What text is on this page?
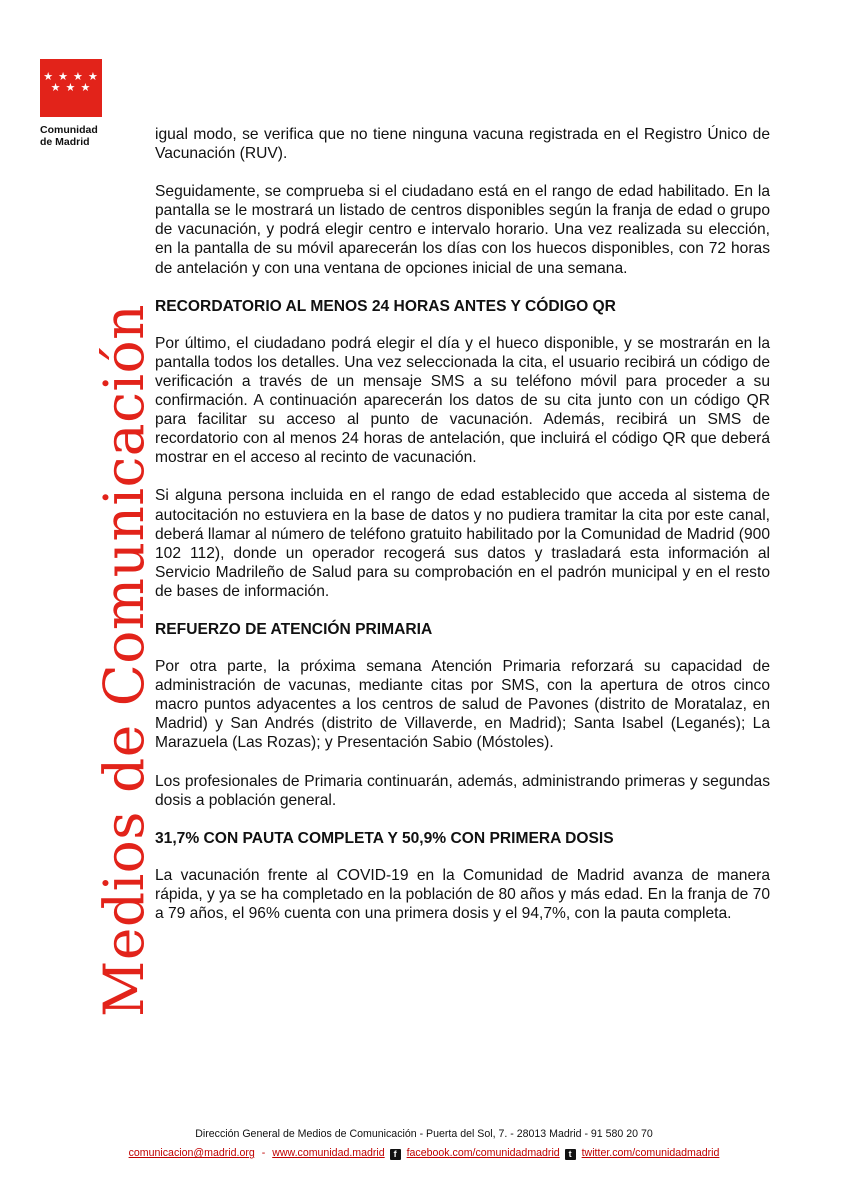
★ ★ ★ ★
★ ★ ★
Comunidad
de Madrid
Medios de Comunicación

igual modo, se verifica que no tiene ninguna vacuna registrada en el Registro Único de Vacunación (RUV).

Seguidamente, se comprueba si el ciudadano está en el rango de edad habilitado. En la pantalla se le mostrará un listado de centros disponibles según la franja de edad o grupo de vacunación, y podrá elegir centro e intervalo horario. Una vez realizada su elección, en la pantalla de su móvil aparecerán los días con los huecos disponibles, con 72 horas de antelación y con una ventana de opciones inicial de una semana.

RECORDATORIO AL MENOS 24 HORAS ANTES Y CÓDIGO QR

Por último, el ciudadano podrá elegir el día y el hueco disponible, y se mostrarán en la pantalla todos los detalles. Una vez seleccionada la cita, el usuario recibirá un código de verificación a través de un mensaje SMS a su teléfono móvil para proceder a su confirmación. A continuación aparecerán los datos de su cita junto con un código QR para facilitar su acceso al punto de vacunación. Además, recibirá un SMS de recordatorio con al menos 24 horas de antelación, que incluirá el código QR que deberá mostrar en el acceso al recinto de vacunación.

Si alguna persona incluida en el rango de edad establecido que acceda al sistema de autocitación no estuviera en la base de datos y no pudiera tramitar la cita por este canal, deberá llamar al número de teléfono gratuito habilitado por la Comunidad de Madrid (900 102 112), donde un operador recogerá sus datos y trasladará esta información al Servicio Madrileño de Salud para su comprobación en el padrón municipal y en el resto de bases de información.

REFUERZO DE ATENCIÓN PRIMARIA

Por otra parte, la próxima semana Atención Primaria reforzará su capacidad de administración de vacunas, mediante citas por SMS, con la apertura de otros cinco macro puntos adyacentes a los centros de salud de Pavones (distrito de Moratalaz, en Madrid) y San Andrés (distrito de Villaverde, en Madrid); Santa Isabel (Leganés); La Marazuela (Las Rozas); y Presentación Sabio (Móstoles).

Los profesionales de Primaria continuarán, además, administrando primeras y segundas dosis a población general.

31,7% CON PAUTA COMPLETA Y 50,9% CON PRIMERA DOSIS

La vacunación frente al COVID-19 en la Comunidad de Madrid avanza de manera rápida, y ya se ha completado en la población de 80 años y más edad. En la franja de 70 a 79 años, el 96% cuenta con una primera dosis y el 94,7%, con la pauta completa.

Dirección General de Medios de Comunicación - Puerta del Sol, 7. - 28013 Madrid - 91 580 20 70
comunicacion@madrid.org - www.comunidad.madrid f facebook.com/comunidadmadrid t twitter.com/comunidadmadrid
